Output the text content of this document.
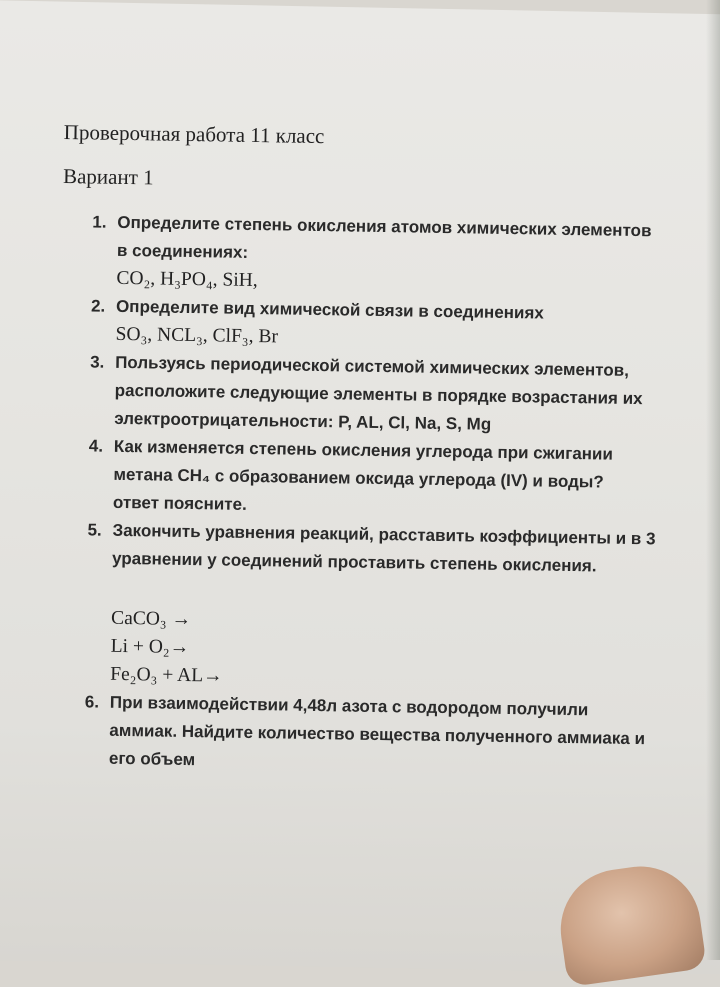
Проверочная работа 11 класс

Вариант 1

1. Определите степень окисления атомов химических элементов

в соединениях:

CO₂, H₃PO₄, SiH,

2. Определите вид химической связи в соединениях

SO₃, NCL₃, ClF₃, Br

3. Пользуясь периодической системой химических элементов,

расположите следующие элементы в порядке возрастания их

электроотрицательности: P, AL, Cl, Na, S, Mg

4. Как изменяется степень окисления углерода при сжигании

метана CH₄ с образованием оксида углерода (IV) и воды?

ответ поясните.

5. Закончить уравнения реакций, расставить коэффициенты и в 3

уравнении у соединений проставить степень окисления.

CaCO₃ →

Li + O₂→

Fe₂O₃ + AL→

6. При взаимодействии 4,48л азота с водородом получили

аммиак. Найдите количество вещества полученного аммиака и

его объем
